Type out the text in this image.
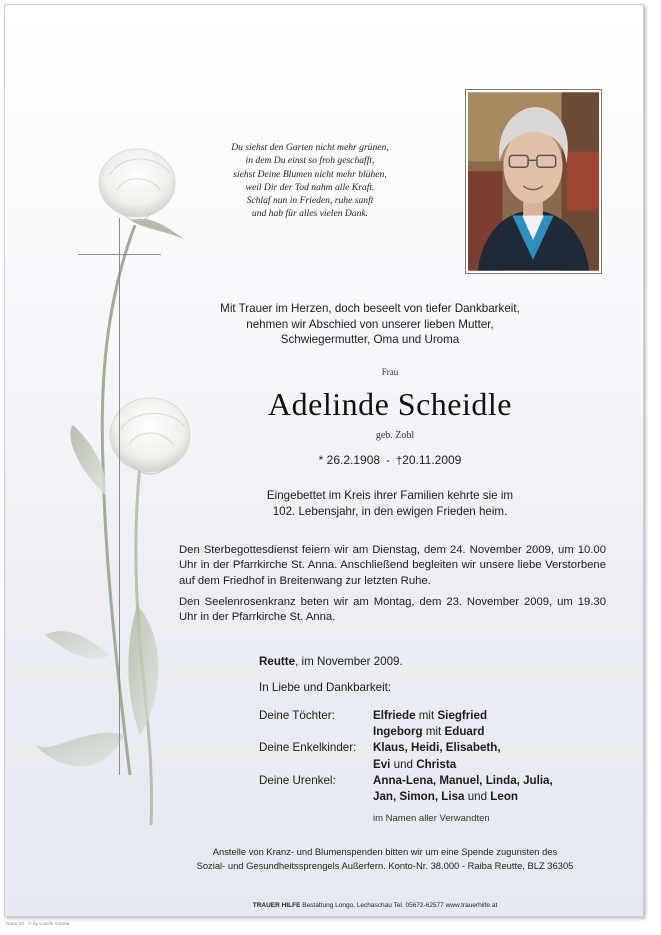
Du siehst den Garten nicht mehr grünen,
in dem Du einst so froh geschafft,
siehst Deine Blumen nicht mehr blühen,
weil Dir der Tod nahm alle Kraft.
Schlaf nun in Frieden, ruhe sanft
und hab für alles vielen Dank.
Mit Trauer im Herzen, doch beseelt von tiefer Dankbarkeit,
nehmen wir Abschied von unserer lieben Mutter,
Schwiegermutter, Oma und Uroma
Frau
Adelinde Scheidle
geb. Zobl
* 26.2.1908 - †20.11.2009
Eingebettet im Kreis ihrer Familien kehrte sie im
102. Lebensjahr, in den ewigen Frieden heim.
Den Sterbegottesdienst feiern wir am Dienstag, dem 24. November 2009, um 10.00 Uhr in der Pfarrkirche St. Anna. Anschließend begleiten wir unsere liebe Verstorbene auf dem Friedhof in Breitenwang zur letzten Ruhe.
Den Seelenrosenkranz beten wir am Montag, dem 23. November 2009, um 19.30 Uhr in der Pfarrkirche St. Anna.
Reutte, im November 2009.
In Liebe und Dankbarkeit:
Deine Töchter:	Elfriede mit Siegfried
Ingeborg mit Eduard
Deine Enkelkinder: Klaus, Heidi, Elisabeth,
Evi und Christa
Deine Urenkel:	Anna-Lena, Manuel, Linda, Julia,
Jan, Simon, Lisa und Leon
im Namen aller Verwandten
Anstelle von Kranz- und Blumenspenden bitten wir um eine Spende zugunsten des
Sozial- und Gesundheitssprengels Außerfern. Konto-Nr. 38.000 - Raiba Reutte, BLZ 36305
TRAUER HILFE Bestattung Longo, Lechaschau Tel. 05672-62577 www.trauerhilfe.at
Rose 10 - © by Loschi Austria
